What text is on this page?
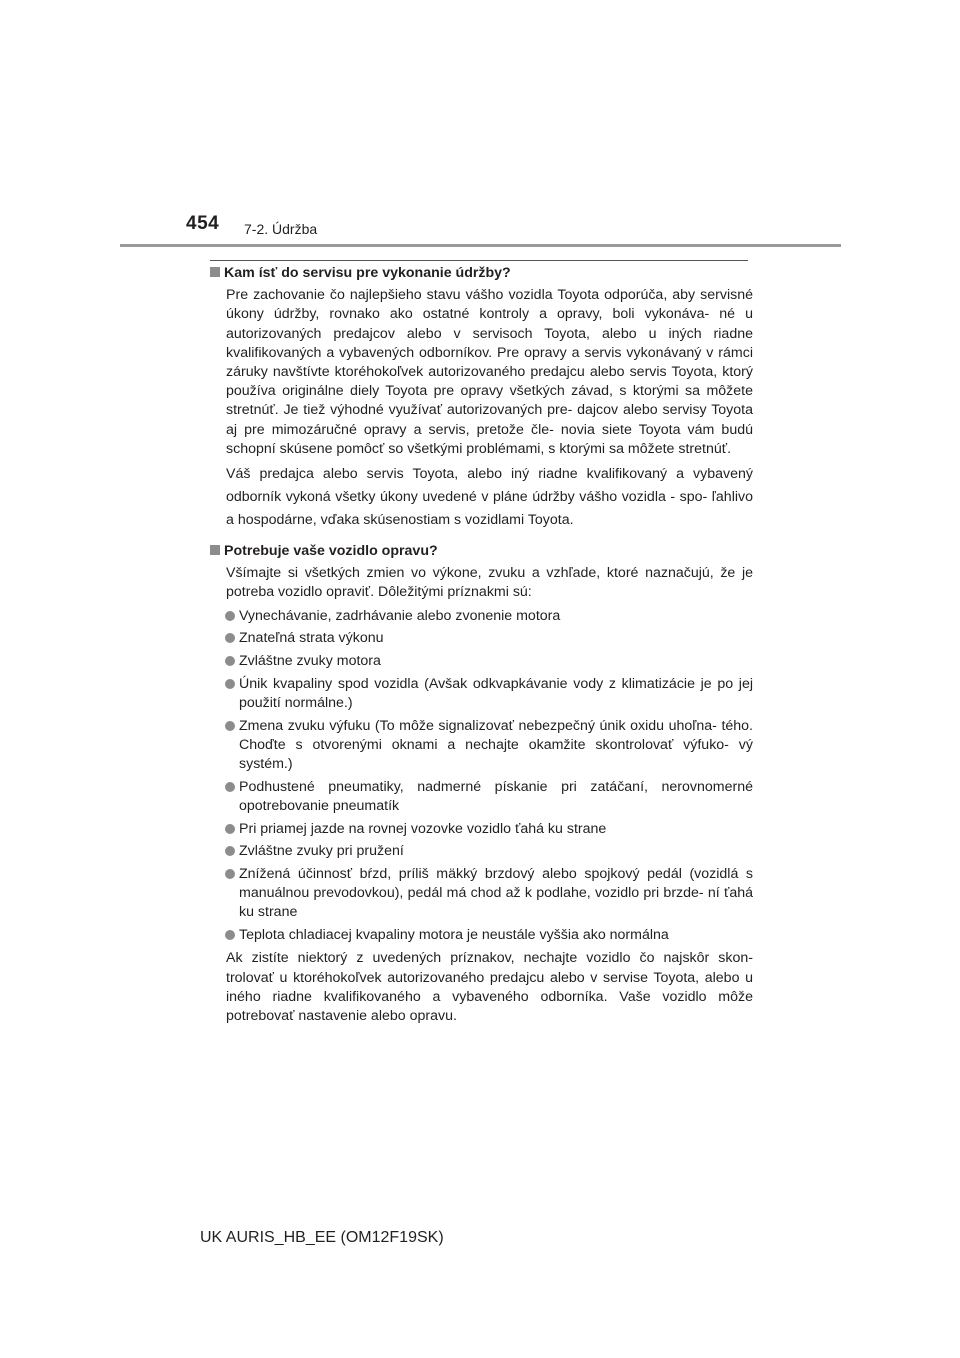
454 7-2. Údržba
Kam ísť do servisu pre vykonanie údržby?

Pre zachovanie čo najlepšieho stavu vášho vozidla Toyota odporúča, aby servisné úkony údržby, rovnako ako ostatné kontroly a opravy, boli vykonáva- né u autorizovaných predajcov alebo v servisoch Toyota, alebo u iných riadne kvalifikovaných a vybavených odborníkov. Pre opravy a servis vykonávaný v rámci záruky navštívte ktoréhokoľvek autorizovaného predajcu alebo servis Toyota, ktorý používa originálne diely Toyota pre opravy všetkých závad, s ktorými sa môžete stretnúť. Je tiež výhodné využívať autorizovaných pre- dajcov alebo servisy Toyota aj pre mimozáručné opravy a servis, pretože čle- novia siete Toyota vám budú schopní skúsene pomôcť so všetkými problémami, s ktorými sa môžete stretnúť.

Váš predajca alebo servis Toyota, alebo iný riadne kvalifikovaný a vybavený odborník vykoná všetky úkony uvedené v pláne údržby vášho vozidla - spo- ľahlivo a hospodárne, vďaka skúsenostiam s vozidlami Toyota.

Potrebuje vaše vozidlo opravu?

Všímajte si všetkých zmien vo výkone, zvuku a vzhľade, ktoré naznačujú, že je potreba vozidlo opraviť. Dôležitými príznakmi sú:

Vynechávanie, zadrhávanie alebo zvonenie motora
Znateľná strata výkonu
Zvláštne zvuky motora
Únik kvapaliny spod vozidla (Avšak odkvapkávanie vody z klimatizácie je po jej použití normálne.)
Zmena zvuku výfuku (To môže signalizovať nebezpečný únik oxidu uhoľna- tého. Choďte s otvorenými oknami a nechajte okamžite skontrolovať výfuko- vý systém.)
Podhustené pneumatiky, nadmerné pískanie pri zatáčaní, nerovnomerné opotrebovanie pneumatík
Pri priamej jazde na rovnej vozovke vozidlo ťahá ku strane
Zvláštne zvuky pri pružení
Znížená účinnosť bŕzd, príliš mäkký brzdový alebo spojkový pedál (vozidlá s manuálnou prevodovkou), pedál má chod až k podlahe, vozidlo pri brzde- ní ťahá ku strane
Teplota chladiacej kvapaliny motora je neustále vyššia ako normálna

Ak zistíte niektorý z uvedených príznakov, nechajte vozidlo čo najskôr skon- trolovať u ktoréhokoľvek autorizovaného predajcu alebo v servise Toyota, alebo u iného riadne kvalifikovaného a vybaveného odborníka. Vaše vozidlo môže potrebovať nastavenie alebo opravu.

UK AURIS_HB_EE (OM12F19SK)
